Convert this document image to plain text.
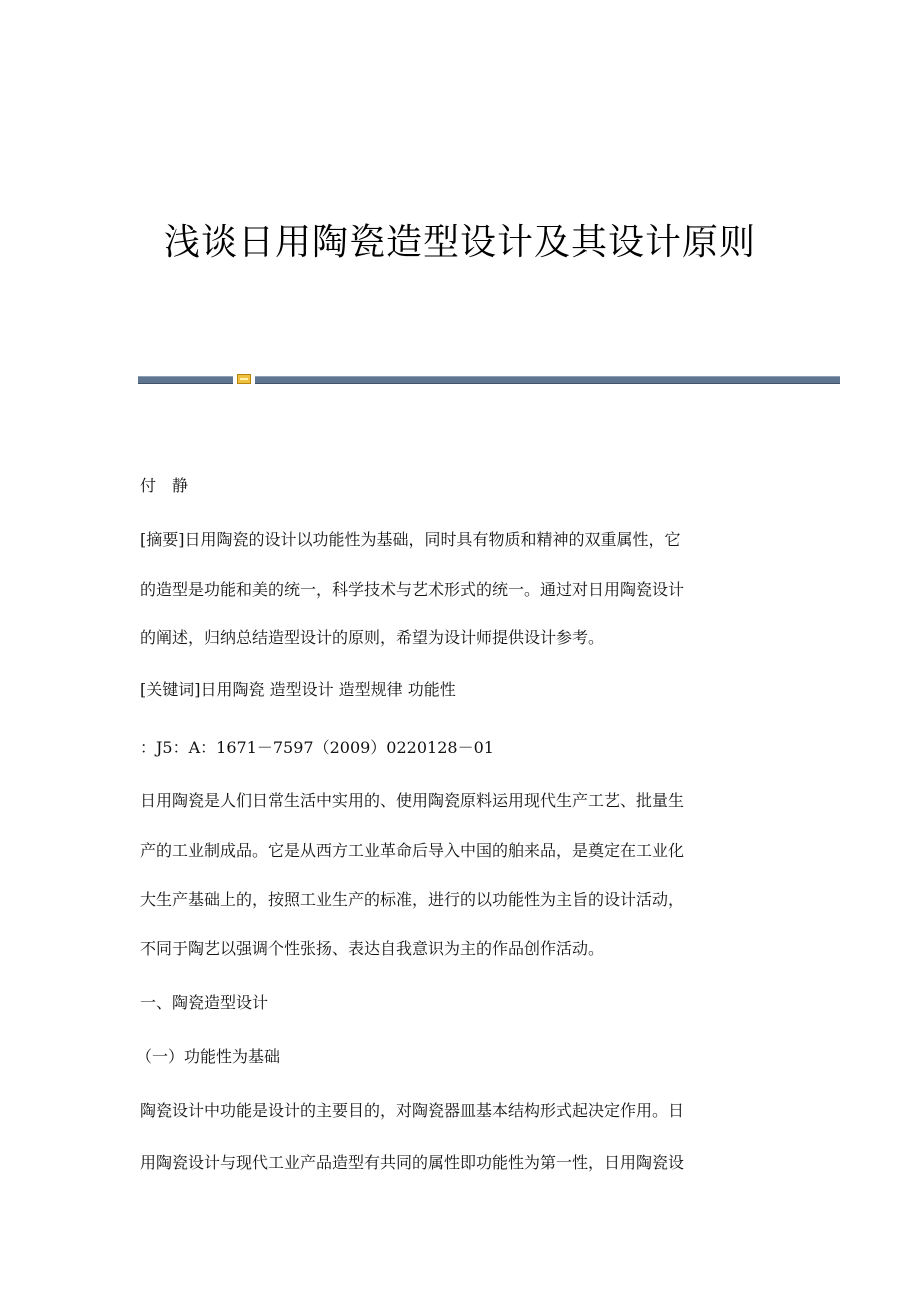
浅谈日用陶瓷造型设计及其设计原则
付　静
[摘要]日用陶瓷的设计以功能性为基础，同时具有物质和精神的双重属性，它
的造型是功能和美的统一，科学技术与艺术形式的统一。通过对日用陶瓷设计
的阐述，归纳总结造型设计的原则，希望为设计师提供设计参考。
[关键词]日用陶瓷 造型设计 造型规律 功能性
：J5：A：1671－7597（2009）0220128－01
日用陶瓷是人们日常生活中实用的、使用陶瓷原料运用现代生产工艺、批量生
产的工业制成品。它是从西方工业革命后导入中国的舶来品，是奠定在工业化
大生产基础上的，按照工业生产的标准，进行的以功能性为主旨的设计活动，
不同于陶艺以强调个性张扬、表达自我意识为主的作品创作活动。
一、陶瓷造型设计
（一）功能性为基础
陶瓷设计中功能是设计的主要目的，对陶瓷器皿基本结构形式起决定作用。日
用陶瓷设计与现代工业产品造型有共同的属性即功能性为第一性，日用陶瓷设
